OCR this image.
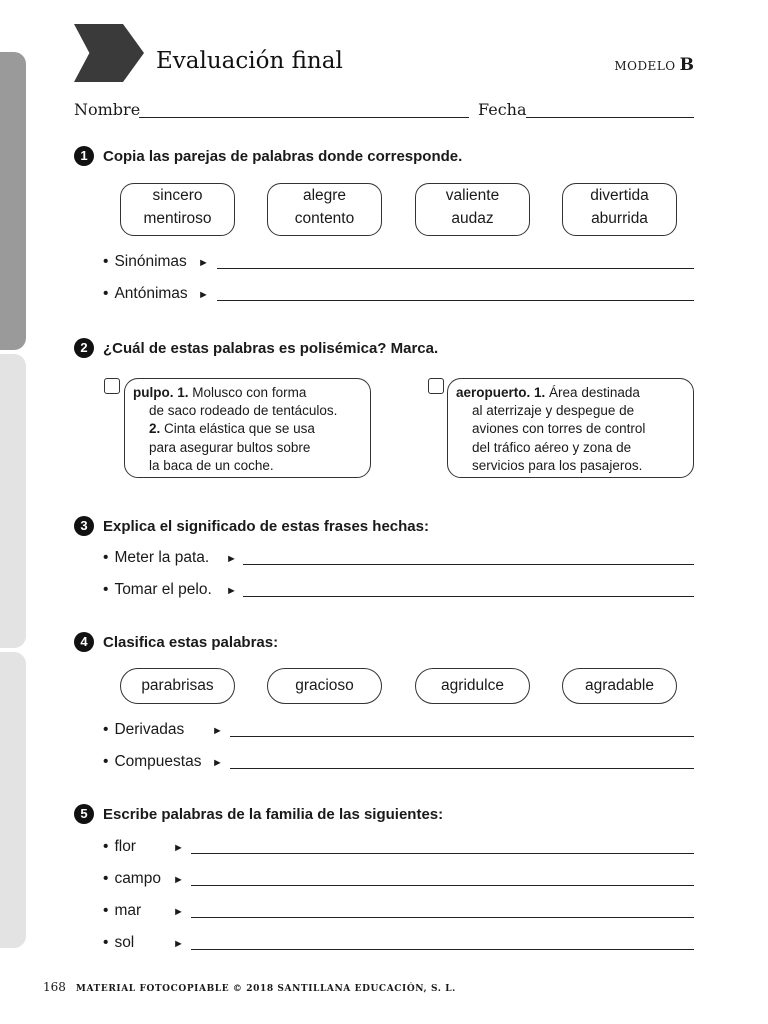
Evaluación final	MODELO B
Nombre	Fecha
1	Copia las parejas de palabras donde corresponde.
sincero
mentiroso
alegre
contento
valiente
audaz
divertida
aburrida
• Sinónimas ►
• Antónimas ►
2	¿Cuál de estas palabras es polisémica? Marca.
pulpo. 1. Molusco con forma
de saco rodeado de tentáculos.
2. Cinta elástica que se usa
para asegurar bultos sobre
la baca de un coche.
aeropuerto. 1. Área destinada
al aterrizaje y despegue de
aviones con torres de control
del tráfico aéreo y zona de
servicios para los pasajeros.
3	Explica el significado de estas frases hechas:
• Meter la pata. ►
• Tomar el pelo. ►
4	Clasifica estas palabras:
parabrisas	gracioso	agridulce	agradable
• Derivadas	►
• Compuestas ►
5	Escribe palabras de la familia de las siguientes:
• flor	►
• campo ►
• mar	►
• sol	►
168 MATERIAL FOTOCOPIABLE © 2018 SANTILLANA EDUCACIÓN, S. L.
